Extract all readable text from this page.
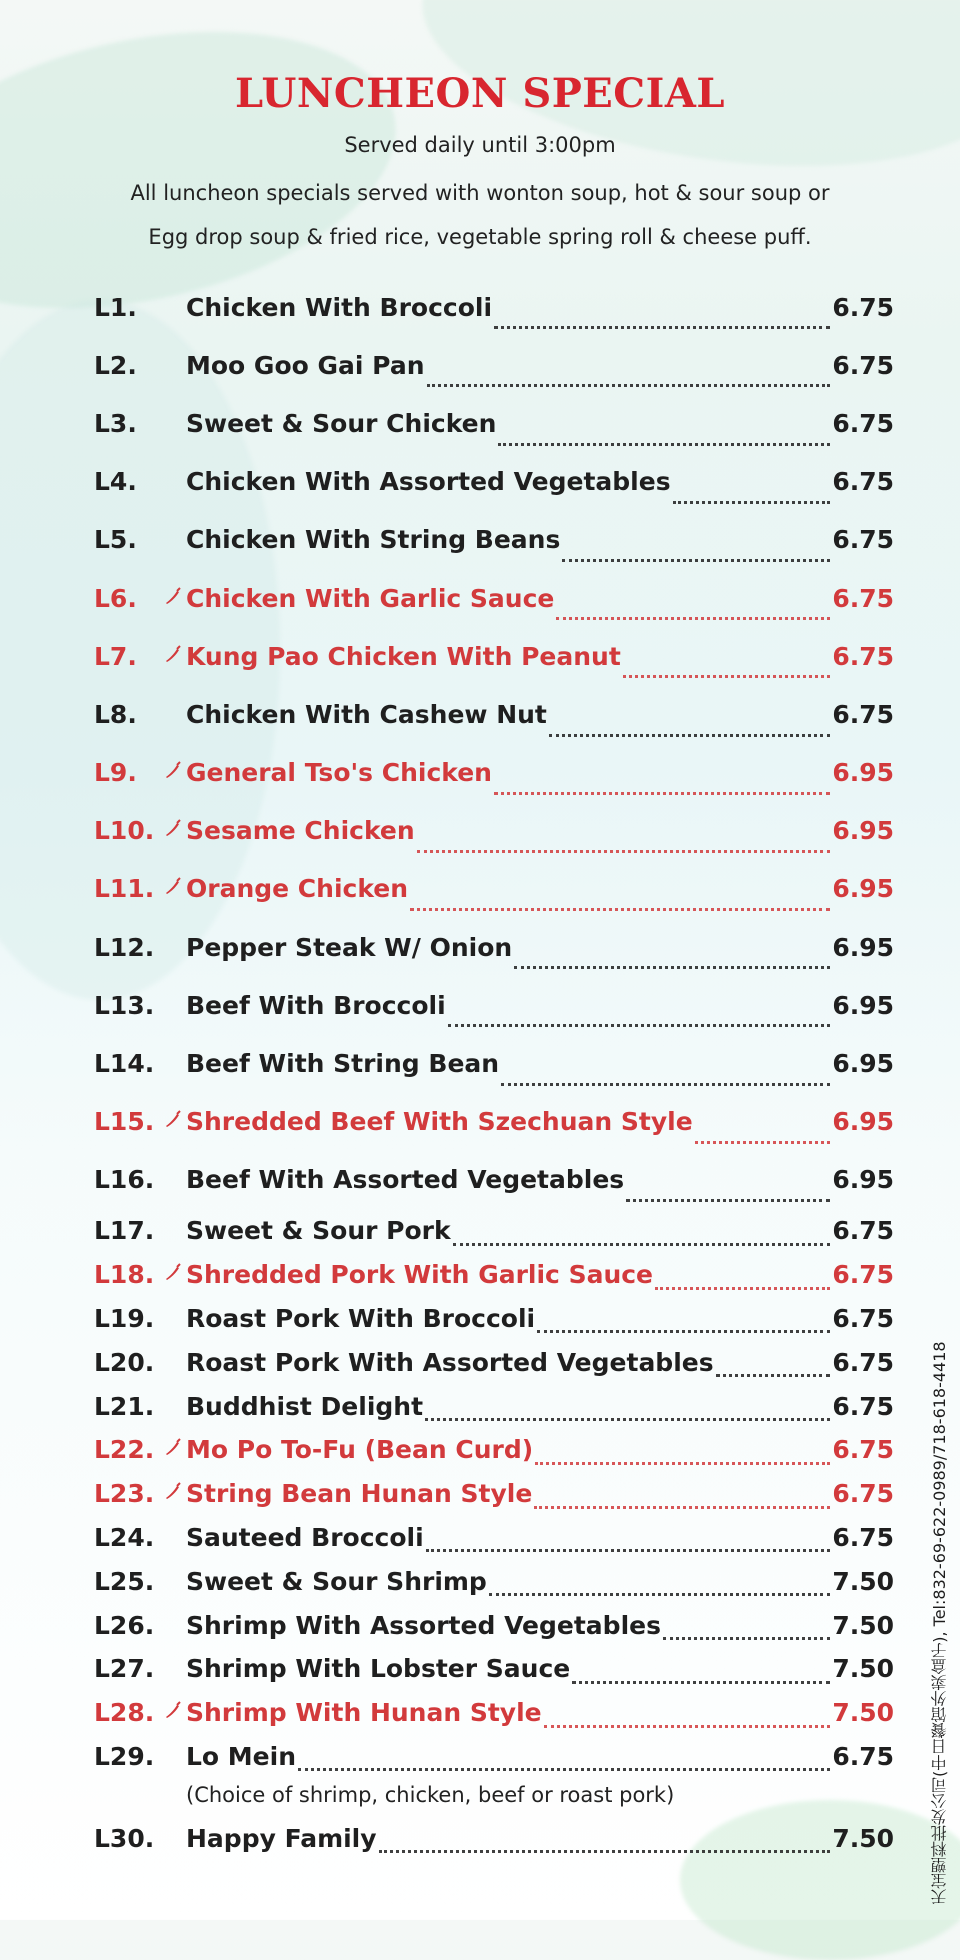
LUNCHEON SPECIAL
Served daily until 3:00pm
All luncheon specials served with wonton soup, hot & sour soup or
Egg drop soup & fried rice, vegetable spring roll & cheese puff.
L1.	Chicken With Broccoli	6.75
L2.	Moo Goo Gai Pan	6.75
L3.	Sweet & Sour Chicken	6.75
L4.	Chicken With Assorted Vegetables	6.75
L5.	Chicken With String Beans	6.75
L6.	Chicken With Garlic Sauce	6.75
L7.	Kung Pao Chicken With Peanut	6.75
L8.	Chicken With Cashew Nut	6.75
L9.	General Tso's Chicken	6.95
L10. Sesame Chicken	6.95
L11. Orange Chicken	6.95
L12. Pepper Steak W/ Onion	6.95
L13. Beef With Broccoli	6.95
L14. Beef With String Bean	6.95
L15. Shredded Beef With Szechuan Style	6.95
L16. Beef With Assorted Vegetables	6.95
L17. Sweet & Sour Pork	6.75
L18. Shredded Pork With Garlic Sauce	6.75
L19. Roast Pork With Broccoli	6.75
L20. Roast Pork With Assorted Vegetables	6.75
L21. Buddhist Delight	6.75
L22. Mo Po To-Fu (Bean Curd)	6.75
L23. String Bean Hunan Style	6.75
L24. Sauteed Broccoli	6.75
L25. Sweet & Sour Shrimp	7.50
L26. Shrimp With Assorted Vegetables	7.50
L27. Shrimp With Lobster Sauce	7.50
L28. Shrimp With Hunan Style	7.50
L29. Lo Mein	6.75
(Choice of shrimp, chicken, beef or roast pork)
L30. Happy Family	7.50 天宝塑料批发公司(中日餐馆外卖盒子), Tel:832-69-622-0989/718-618-4418
